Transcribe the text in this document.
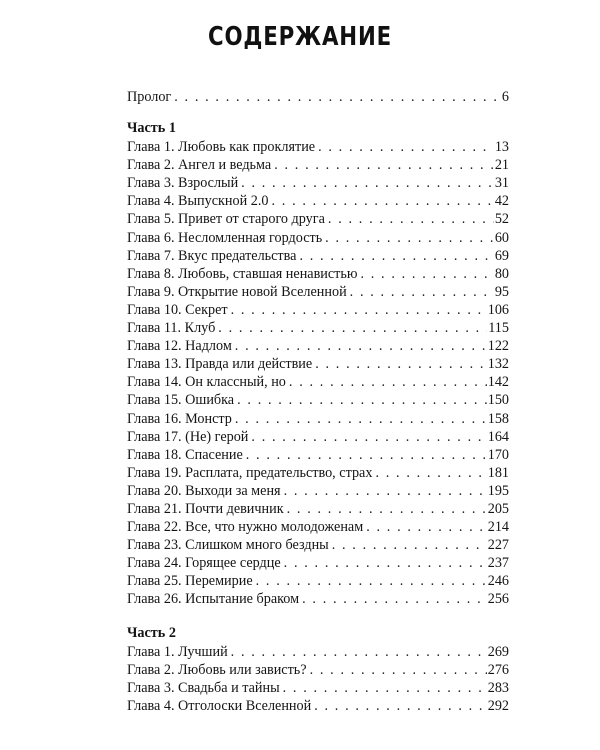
СОДЕРЖАНИЕ
Пролог . . .	6
Часть 1
Глава 1. Любовь как проклятие . . .	13
Глава 2. Ангел и ведьма . . .	21
Глава 3. Взрослый . . .	31
Глава 4. Выпускной 2.0 . . .	42
Глава 5. Привет от старого друга . . .	52
Глава 6. Несломленная гордость . . .	60
Глава 7. Вкус предательства . . .	69
Глава 8. Любовь, ставшая ненавистью . . .	80
Глава 9. Открытие новой Вселенной . . .	95
Глава 10. Секрет . . .	106
Глава 11. Клуб . . .	115
Глава 12. Надлом . . .	122
Глава 13. Правда или действие . . .	132
Глава 14. Он классный, но . . .	142
Глава 15. Ошибка . . .	150
Глава 16. Монстр . . .	158
Глава 17. (Не) герой . . .	164
Глава 18. Спасение . . .	170
Глава 19. Расплата, предательство, страх . . .	181
Глава 20. Выходи за меня . . .	195
Глава 21. Почти девичник . . .	205
Глава 22. Все, что нужно молодоженам . . .	214
Глава 23. Слишком много бездны . . .	227
Глава 24. Горящее сердце . . .	237
Глава 25. Перемирие . . .	246
Глава 26. Испытание браком . . .	256
Часть 2
Глава 1. Лучший . . .	269
Глава 2. Любовь или зависть? . . .	276
Глава 3. Свадьба и тайны . . .	283
Глава 4. Отголоски Вселенной . . .	292
